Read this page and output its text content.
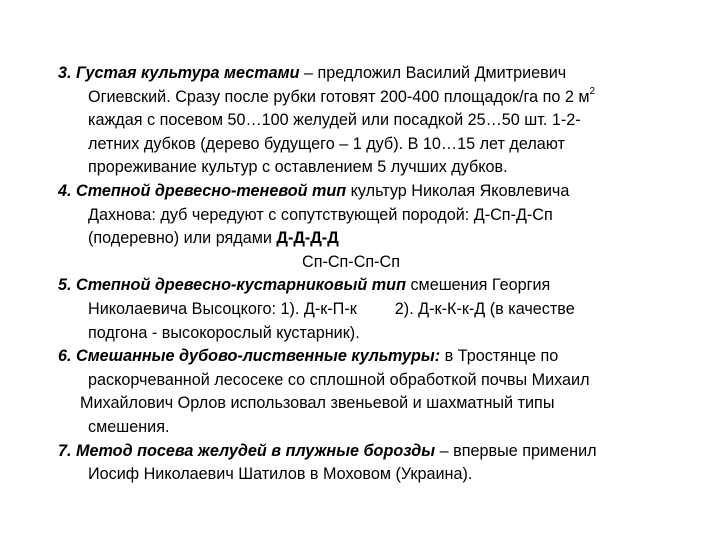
3. Густая культура местами – предложил Василий Дмитриевич
Огиевский. Сразу после рубки готовят 200-400 площадок/га по 2 $м^2$
каждая с посевом 50…100 желудей или посадкой 25…50 шт. 1-2-
летних дубков (дерево будущего – 1 дуб). В 10…15 лет делают
прореживание культур с оставлением 5 лучших дубков.
4. Степной древесно-теневой тип культур Николая Яковлевича
Дахнова: дуб чередуют с сопутствующей породой: Д-Сп-Д-Сп
(подеревно) или рядами Д-Д-Д-Д
Сп-Сп-Сп-Сп
5. Степной древесно-кустарниковый тип смешения Георгия
Николаевича Высоцкого: 1). Д-к-П-к 2). Д-к-К-к-Д (в качестве
подгона - высокорослый кустарник).
6. Смешанные дубово-лиственные культуры: в Тростянце по
раскорчеванной лесосеке со сплошной обработкой почвы Михаил
Михайлович Орлов использовал звеньевой и шахматный типы
смешения.
7. Метод посева желудей в плужные борозды – впервые применил
Иосиф Николаевич Шатилов в Моховом (Украина).
